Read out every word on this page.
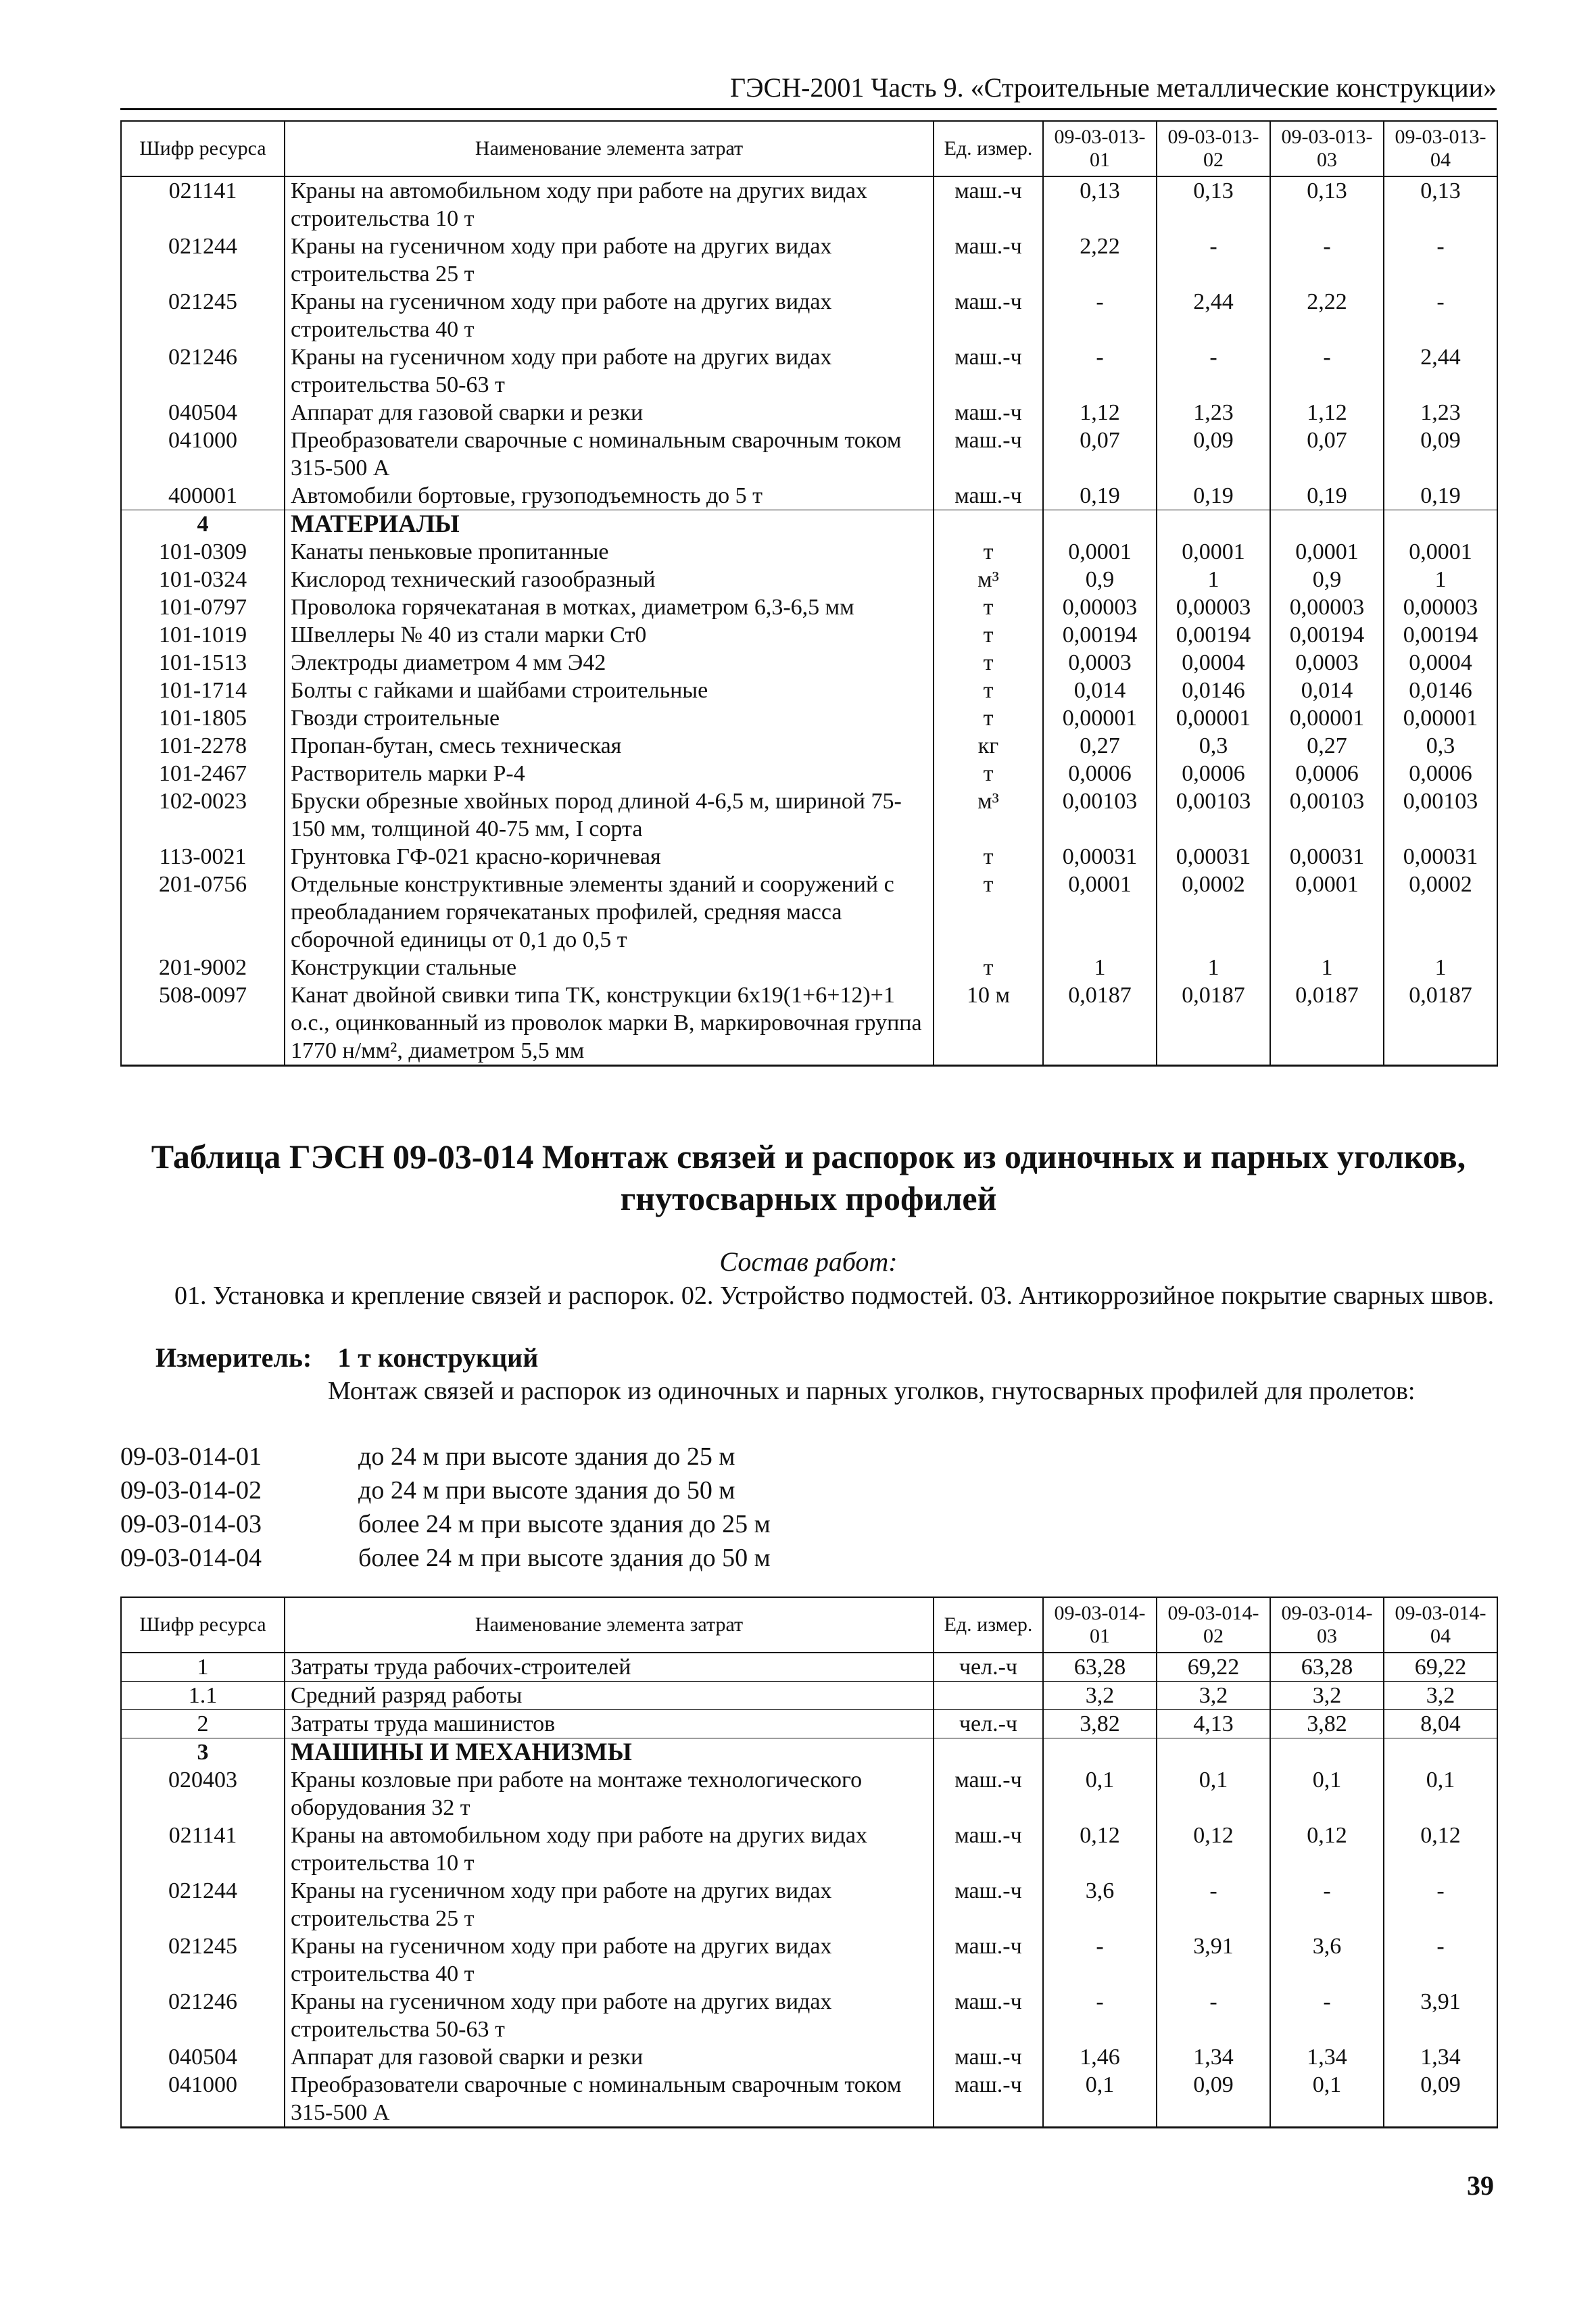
ГЭСН-2001 Часть 9. «Строительные металлические конструкции»
Шифр ресурса	Наименование элемента затрат	Ед. измер.	09-03-013-01	09-03-013-02	09-03-013-03	09-03-013-04
021141	Краны на автомобильном ходу при работе на других видах строительства 10 т	маш.-ч	0,13	0,13	0,13	0,13
021244	Краны на гусеничном ходу при работе на других видах строительства 25 т	маш.-ч	2,22	-	-	-
021245	Краны на гусеничном ходу при работе на других видах строительства 40 т	маш.-ч	-	2,44	2,22	-
021246	Краны на гусеничном ходу при работе на других видах строительства 50-63 т	маш.-ч	-	-	-	2,44
040504	Аппарат для газовой сварки и резки	маш.-ч	1,12	1,23	1,12	1,23
041000	Преобразователи сварочные с номинальным сварочным током 315-500 А	маш.-ч	0,07	0,09	0,07	0,09
400001	Автомобили бортовые, грузоподъемность до 5 т	маш.-ч	0,19	0,19	0,19	0,19
4	МАТЕРИАЛЫ					
101-0309	Канаты пеньковые пропитанные	т	0,0001	0,0001	0,0001	0,0001
101-0324	Кислород технический газообразный	м³	0,9	1	0,9	1
101-0797	Проволока горячекатаная в мотках, диаметром 6,3-6,5 мм	т	0,00003	0,00003	0,00003	0,00003
101-1019	Швеллеры № 40 из стали марки Ст0	т	0,00194	0,00194	0,00194	0,00194
101-1513	Электроды диаметром 4 мм Э42	т	0,0003	0,0004	0,0003	0,0004
101-1714	Болты с гайками и шайбами строительные	т	0,014	0,0146	0,014	0,0146
101-1805	Гвозди строительные	т	0,00001	0,00001	0,00001	0,00001
101-2278	Пропан-бутан, смесь техническая	кг	0,27	0,3	0,27	0,3
101-2467	Растворитель марки Р-4	т	0,0006	0,0006	0,0006	0,0006
102-0023	Бруски обрезные хвойных пород длиной 4-6,5 м, шириной 75-150 мм, толщиной 40-75 мм, I сорта	м³	0,00103	0,00103	0,00103	0,00103
113-0021	Грунтовка ГФ-021 красно-коричневая	т	0,00031	0,00031	0,00031	0,00031
201-0756	Отдельные конструктивные элементы зданий и сооружений с преобладанием горячекатаных профилей, средняя масса сборочной единицы от 0,1 до 0,5 т	т	0,0001	0,0002	0,0001	0,0002
201-9002	Конструкции стальные	т	1	1	1	1
508-0097	Канат двойной свивки типа ТК, конструкции 6х19(1+6+12)+1 о.с., оцинкованный из проволок марки В, маркировочная группа 1770 н/мм², диаметром 5,5 мм	10 м	0,0187	0,0187	0,0187	0,0187
Таблица ГЭСН 09-03-014 Монтаж связей и распорок из одиночных и парных уголков, гнутосварных профилей
Состав работ:
01. Установка и крепление связей и распорок. 02. Устройство подмостей. 03. Антикоррозийное покрытие сварных швов.
Измеритель: 1 т конструкций
Монтаж связей и распорок из одиночных и парных уголков, гнутосварных профилей для пролетов:
09-03-014-01	до 24 м при высоте здания до 25 м
09-03-014-02	до 24 м при высоте здания до 50 м
09-03-014-03	более 24 м при высоте здания до 25 м
09-03-014-04	более 24 м при высоте здания до 50 м
Шифр ресурса	Наименование элемента затрат	Ед. измер.	09-03-014-01	09-03-014-02	09-03-014-03	09-03-014-04
1	Затраты труда рабочих-строителей	чел.-ч	63,28	69,22	63,28	69,22
1.1	Средний разряд работы		3,2	3,2	3,2	3,2
2	Затраты труда машинистов	чел.-ч	3,82	4,13	3,82	8,04
3	МАШИНЫ И МЕХАНИЗМЫ					
020403	Краны козловые при работе на монтаже технологического оборудования 32 т	маш.-ч	0,1	0,1	0,1	0,1
021141	Краны на автомобильном ходу при работе на других видах строительства 10 т	маш.-ч	0,12	0,12	0,12	0,12
021244	Краны на гусеничном ходу при работе на других видах строительства 25 т	маш.-ч	3,6	-	-	-
021245	Краны на гусеничном ходу при работе на других видах строительства 40 т	маш.-ч	-	3,91	3,6	-
021246	Краны на гусеничном ходу при работе на других видах строительства 50-63 т	маш.-ч	-	-	-	3,91
040504	Аппарат для газовой сварки и резки	маш.-ч	1,46	1,34	1,34	1,34
041000	Преобразователи сварочные с номинальным сварочным током 315-500 А	маш.-ч	0,1	0,09	0,1	0,09
39
